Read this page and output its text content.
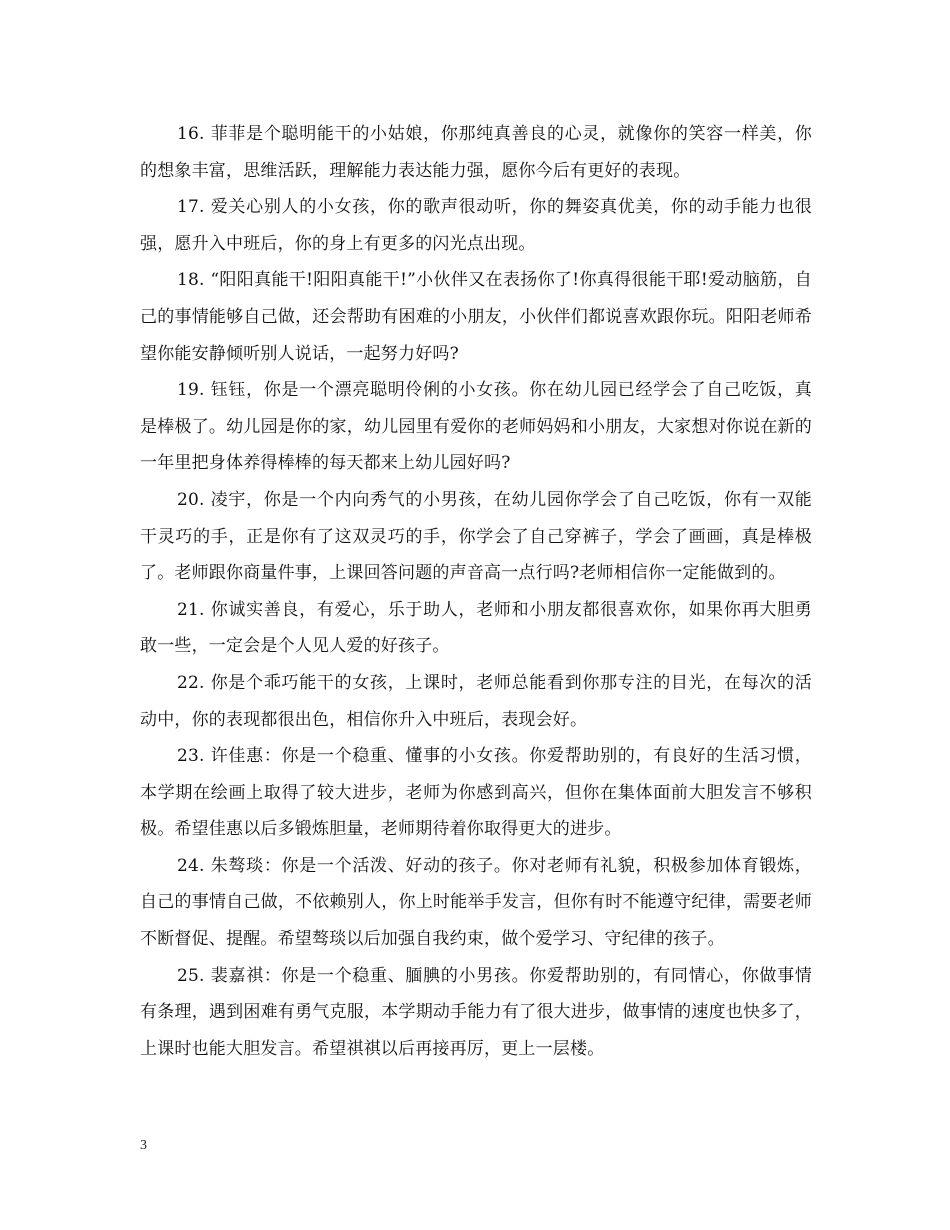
16. 菲菲是个聪明能干的小姑娘，你那纯真善良的心灵，就像你的笑容一样美，你的想象丰富，思维活跃，理解能力表达能力强，愿你今后有更好的表现。

17. 爱关心别人的小女孩，你的歌声很动听，你的舞姿真优美，你的动手能力也很强，愿升入中班后，你的身上有更多的闪光点出现。

18. “阳阳真能干!阳阳真能干!”小伙伴又在表扬你了!你真得很能干耶!爱动脑筋，自己的事情能够自己做，还会帮助有困难的小朋友，小伙伴们都说喜欢跟你玩。阳阳老师希望你能安静倾听别人说话，一起努力好吗?

19. 钰钰，你是一个漂亮聪明伶俐的小女孩。你在幼儿园已经学会了自己吃饭，真是棒极了。幼儿园是你的家，幼儿园里有爱你的老师妈妈和小朋友，大家想对你说在新的一年里把身体养得棒棒的每天都来上幼儿园好吗?

20. 凌宇，你是一个内向秀气的小男孩，在幼儿园你学会了自己吃饭，你有一双能干灵巧的手，正是你有了这双灵巧的手，你学会了自己穿裤子，学会了画画，真是棒极了。老师跟你商量件事，上课回答问题的声音高一点行吗?老师相信你一定能做到的。

21. 你诚实善良，有爱心，乐于助人，老师和小朋友都很喜欢你，如果你再大胆勇敢一些，一定会是个人见人爱的好孩子。

22. 你是个乖巧能干的女孩，上课时，老师总能看到你那专注的目光，在每次的活动中，你的表现都很出色，相信你升入中班后，表现会好。

23. 许佳惠：你是一个稳重、懂事的小女孩。你爱帮助别的，有良好的生活习惯，本学期在绘画上取得了较大进步，老师为你感到高兴，但你在集体面前大胆发言不够积极。希望佳惠以后多锻炼胆量，老师期待着你取得更大的进步。

24. 朱骜琰：你是一个活泼、好动的孩子。你对老师有礼貌，积极参加体育锻炼，自己的事情自己做，不依赖别人，你上时能举手发言，但你有时不能遵守纪律，需要老师不断督促、提醒。希望骜琰以后加强自我约束，做个爱学习、守纪律的孩子。

25. 裴嘉祺：你是一个稳重、腼腆的小男孩。你爱帮助别的，有同情心，你做事情有条理，遇到困难有勇气克服，本学期动手能力有了很大进步，做事情的速度也快多了，上课时也能大胆发言。希望祺祺以后再接再厉，更上一层楼。

3
